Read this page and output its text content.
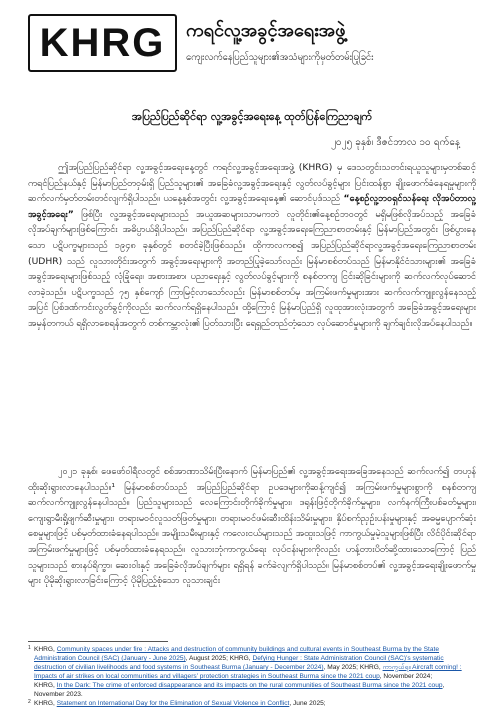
KHRG ကရင်လူ့အခွင့်အရေးအဖွဲ့
ကျေးလက်နေပြည်သူများ၏အသံများကိုမှတ်တမ်းပြုခြင်း
အပြည်ပြည်ဆိုင်ရာ လူ့အခွင့်အရေးနေ့ ထုတ်ပြန်ကြေညာချက်
၂၀၂၅ ခုနှစ်၊ ဒီဇင်ဘာလ ၁၀ ရက်နေ့

ဤအပြည်ပြည်ဆိုင်ရာ လူ့အခွင့်အရေးနေ့တွင် ကရင်လူ့အခွင့်အရေးအဖွဲ့ (KHRG) မှ ဒေသတွင်းသတင်းရယူသူများမှတစ်ဆင့် ကရင်ပြည်နယ်နှင့် မြန်မာပြည်တဝှမ်းရှိ ပြည်သူများ၏ အခြေခံလူ့အခွင့်အရေးနှင့် လွတ်လပ်ခွင့်များ ပြင်းထန်စွာ ချိုးဖောက်ခံနေရမှုများကို ဆက်လက်မှတ်တမ်းတင်လျက်ရှိပါသည်။ ယနေ့နှစ်အတွင်း လူ့အခွင့်အရေးနေ့၏ ဆောင်ပုဒ်သည် “နေ့စဉ်လူ့ဘဝရှင်သန်ရေး လိုအပ်တာလူ့အခွင့်အရေး” ဖြစ်ပြီး လူ့အခွင့်အရေးများသည် အယူအဆများသာမကဘဲ လူတိုင်း၏နေ့စဉ်ဘဝတွင် မရှိမဖြစ်လိုအပ်သည့် အခြေခံလိုအပ်ချက်များဖြစ်ကြောင်း အဓိပ္ပာယ်ရှိပါသည်။ အပြည်ပြည်ဆိုင်ရာ လူ့အခွင့်အရေးကြေညာစာတမ်းနှင့် မြန်မာပြည်အတွင်း ဖြစ်ပွားနေသော ပဋိပက္ခများသည် ၁၉၄၈ ခုနှစ်တွင် စတင်ခဲ့ပြီးဖြစ်သည်။ ထိုကာလကစ၍ အပြည်ပြည်ဆိုင်ရာလူ့အခွင့်အရေးကြေညာစာတမ်း (UDHR) သည် လူသားတိုင်းအတွက် အခွင့်အရေးများကို အတည်ပြုခဲ့သော်လည်း မြန်မာစစ်တပ်သည် မြန်မာနိုင်ငံသားများ၏ အခြေခံအခွင့်အရေးများဖြစ်သည့် လုံခြုံရေး၊ အစားအစာ၊ ပညာရေးနှင့် လွတ်လပ်ခွင့်များကို စနစ်တကျ ငြင်းဆိုခြင်းများကို ဆက်လက်လုပ်ဆောင်လာခဲ့သည်။ ပဋိပက္ခသည် ၇၅ နှစ်ကျော် ကြာမြင့်လာသော်လည်း မြန်မာစစ်တပ်မှ အကြမ်းဖက်မှုများအား ဆက်လက်ကျူးလွန်နေသည့်အပြင် ပြစ်ဒဏ်ကင်းလွတ်ခွင့်ကိုလည်း ဆက်လက်ရရှိနေပါသည်။ ထို့ကြောင့် မြန်မာပြည်ရှိ လူထုအားလုံးအတွက် အခြေခံအခွင့်အရေးများ အမှန်တကယ် ရရှိလာစေရန်အတွက် တစ်ကမ္ဘာလုံး၏ ပြတ်သားပြီး ရေရှည်တည်တံ့သော လုပ်ဆောင်မှုများကို ချက်ချင်းလိုအပ်နေပါသည်။

၂၀၂၁ ခုနှစ်၊ ဖေဖော်ဝါရီလတွင် စစ်အာဏာသိမ်းပြီးနောက် မြန်မာပြည်၏ လူ့အခွင့်အရေးအခြေအနေသည် ဆက်လက်၍ တဟုန်ထိုးဆိုးရွားလာနေပါသည်။¹ မြန်မာစစ်တပ်သည် အပြည်ပြည်ဆိုင်ရာ ဥပဒေများကိုဆန့်ကျင်၍ အကြမ်းဖက်မှုများစွာကို စနစ်တကျ ဆက်လက်ကျူးလွန်နေပါသည်။ ပြည်သူများသည် လေကြောင်းတိုက်ခိုက်မှုများ၊ ဒရုန်းဖြင့်တိုက်ခိုက်မှုများ၊ လက်နက်ကြီးပစ်ခတ်မှုများ၊ ကျေးရွာမီးရှို့ဖျက်ဆီးမှုများ၊ တရားမဝင်လူသတ်ဖြတ်မှုများ၊ တရားမဝင်ဖမ်းဆီးထိန်းသိမ်းမှုများ၊ နှိပ်စက်ညှဉ်းပန်းမှုများနှင့် အဓမ္မပျောက်ဆုံးစေမှုများဖြင့် ပစ်မှတ်ထားခံနေရပါသည်။ အမျိုးသမီးများနှင့် ကလေးငယ်များသည် အထူးသဖြင့် ကာကွယ်မှုမဲ့သူများဖြစ်ပြီး လိင်ပိုင်းဆိုင်ရာ အကြမ်းဖက်မှုများဖြင့် ပစ်မှတ်ထားခံနေရသည်။ လူသားဘုံကာကွယ်ရေး လုပ်ငန်းများကိုလည်း ဟန့်တားပိတ်ဆို့ထားသောကြောင့် ပြည်သူများသည် စားနပ်ရိက္ခာ၊ ဆေးဝါးနှင့် အခြေခံလိုအပ်ချက်များ ရရှိရန် ခက်ခဲလျက်ရှိပါသည်။ မြန်မာစစ်တပ်၏ လူ့အခွင့်အရေးချိုးဖောက်မှုများ ပိုမိုဆိုးရွားလာခြင်းကြောင့် ပိုမိုပြည့်စုံသော လူသားချင်း

1 KHRG, Community spaces under fire : Attacks and destruction of community buildings and cultural events in Southeast Burma by the State Administration Council (SAC) (January - June 2025), August 2025; KHRG, Defying Hunger : State Administration Council (SAC)’s systematic destruction of civilian livelihoods and food systems in Southeast Burma (January - December 2024), May 2025; KHRG, ကာကွယ်ရ။ Aircraft coming! : Impacts of air strikes on local communities and villagers’ protection strategies in Southeast Burma since the 2021 coup, November 2024;
KHRG, In the Dark: The crime of enforced disappearance and its impacts on the rural communities of Southeast Burma since the 2021 coup, November 2023.
2 KHRG, Statement on International Day for the Elimination of Sexual Violence in Conflict, June 2025;
